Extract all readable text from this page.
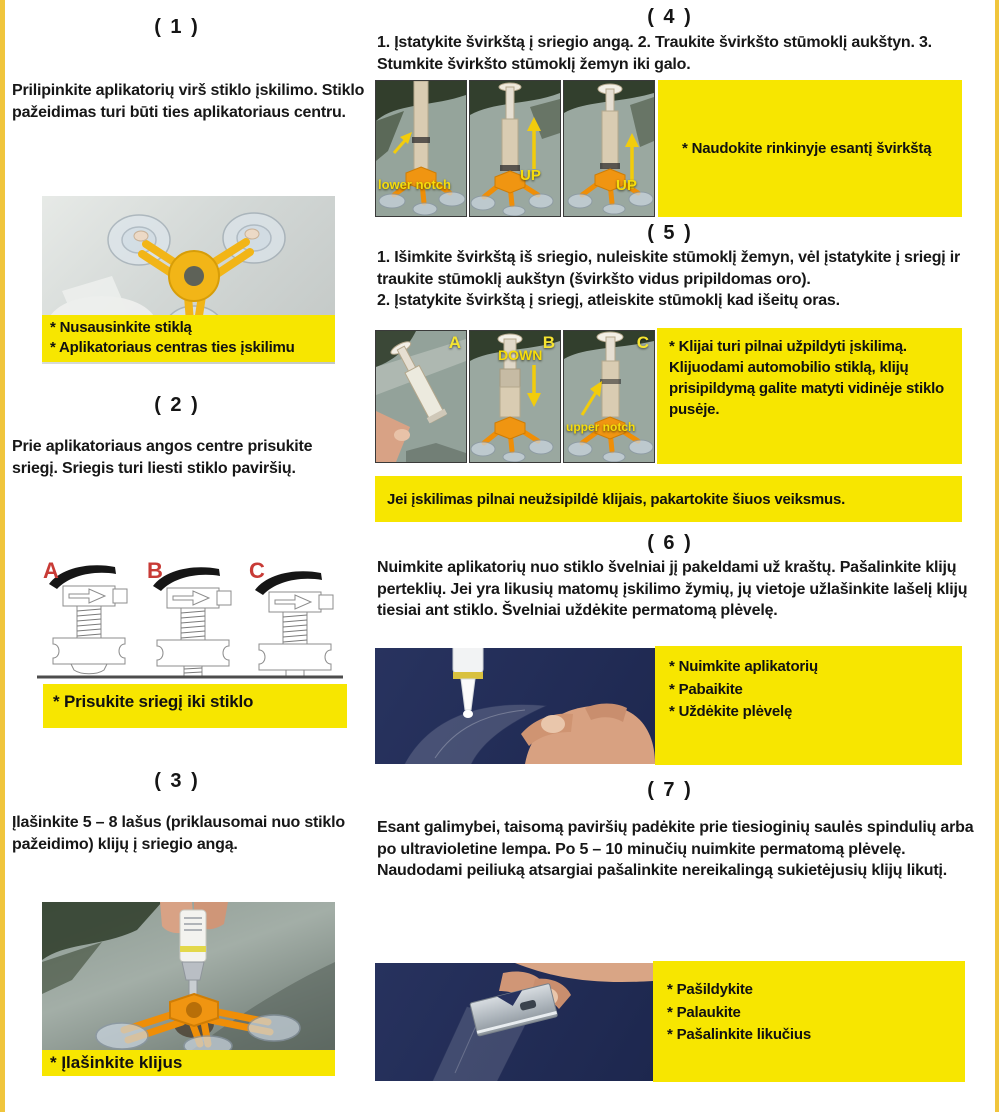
( 1 )
Prilipinkite aplikatorių virš stiklo įskilimo. Stiklo pažeidimas turi būti ties aplikatoriaus centru.
* Nusausinkite stiklą
* Aplikatoriaus centras ties įskilimu
( 2 )
Prie aplikatoriaus angos centre prisukite sriegį. Sriegis turi liesti stiklo paviršių.
A	B	C
* Prisukite sriegį iki stiklo
( 3 )
Įlašinkite 5 – 8 lašus (priklausomai nuo stiklo pažeidimo) klijų į sriegio angą.
* Įlašinkite klijus
( 4 )
1. Įstatykite švirkštą į sriegio angą. 2. Traukite švirkšto stūmoklį aukštyn. 3. Stumkite švirkšto stūmoklį žemyn iki galo.
lower notch

UP

UP
* Naudokite rinkinyje esantį švirkštą
( 5 )
1. Išimkite švirkštą iš sriegio, nuleiskite stūmoklį žemyn, vėl įstatykite į sriegį ir traukite stūmoklį aukštyn (švirkšto vidus pripildomas oro).
2. Įstatykite švirkštą į sriegį, atleiskite stūmoklį kad išeitų oras.
A

DOWN
B

upper notch
C	* Klijai turi pilnai užpildyti įskilimą. Klijuodami automobilio stiklą, klijų prisipildymą galite matyti vidinėje stiklo pusėje.
Jei įskilimas pilnai neužsipildė klijais, pakartokite šiuos veiksmus.
( 6 )
Nuimkite aplikatorių nuo stiklo švelniai jį pakeldami už kraštų. Pašalinkite klijų perteklių. Jei yra likusių matomų įskilimo žymių, jų vietoje užlašinkite lašelį klijų tiesiai ant stiklo. Švelniai uždėkite permatomą plėvelę.
* Nuimkite aplikatorių
* Pabaikite
* Uždėkite plėvelę
( 7 )
Esant galimybei, taisomą paviršių padėkite prie tiesioginių saulės spindulių arba po ultravioletine lempa. Po 5 – 10 minučių nuimkite permatomą plėvelę. Naudodami peiliuką atsargiai pašalinkite nereikalingą sukietėjusių klijų likutį.
* Pašildykite
* Palaukite
* Pašalinkite likučius
